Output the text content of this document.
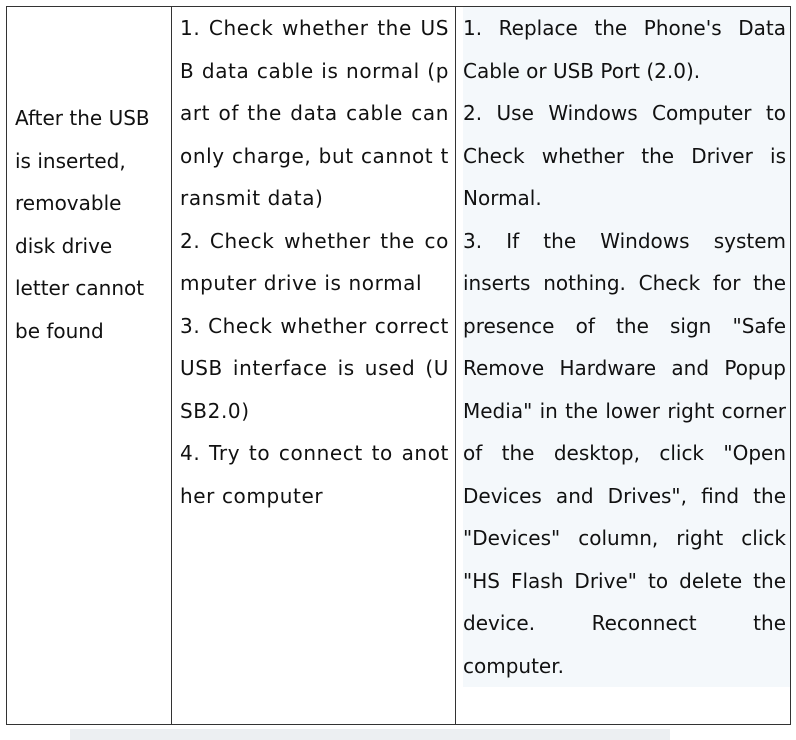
After the USB
is inserted,
removable
disk drive
letter cannot
be found

1. Check whether the USB data cable is normal (part of the data cable can only charge, but cannot transmit data)
2. Check whether the computer drive is normal
3. Check whether correct USB interface is used (USB2.0)
4. Try to connect to another computer

1. Replace the Phone's Data Cable or USB Port (2.0).
2. Use Windows Computer to Check whether the Driver is Normal.
3. If the Windows system inserts nothing. Check for the presence of the sign "Safe Remove Hardware and Popup Media" in the lower right corner of the desktop, click "Open Devices and Drives", find the "Devices" column, right click "HS Flash Drive" to delete the device. Reconnect the computer.
